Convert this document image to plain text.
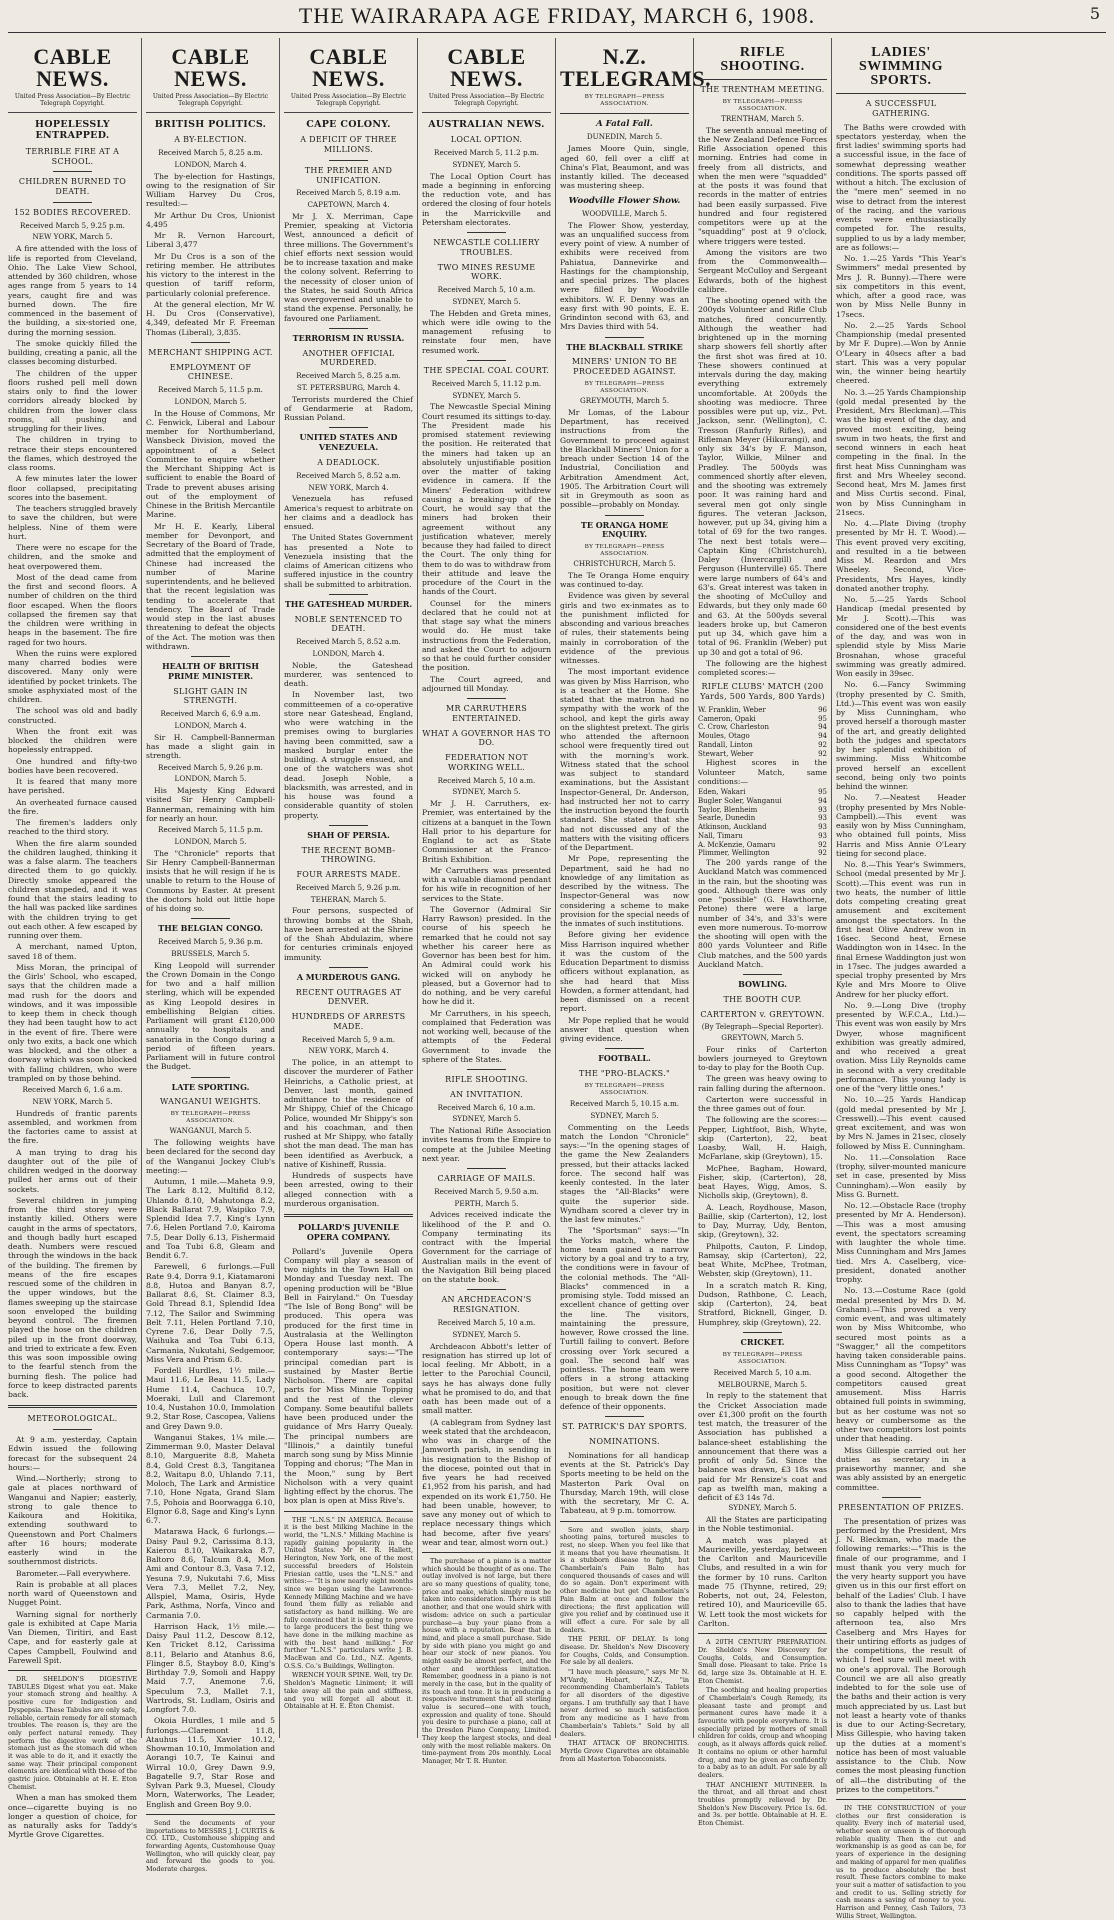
THE WAIRARAPA AGE FRIDAY, MARCH 6, 1908.	5
CABLE NEWS.
United Press Association—By Electric Telegraph Copyright.
HOPELESSLY ENTRAPPED.
TERRIBLE FIRE AT A SCHOOL.
CHILDREN BURNED TO DEATH.
152 BODIES RECOVERED.
Received March 5, 9.25 p.m.
NEW YORK, March 5.

A fire attended with the loss of life is reported from Cleveland, Ohio. The Lake View School, attended by 360 children, whose ages range from 5 years to 14 years, caught fire and was burned down. The fire commenced in the basement of the building, a six-storied one, during the morning session.

The smoke quickly filled the building, creating a panic, all the classes becoming disturbed.

The children of the upper floors rushed pell mell down stairs only to find the lower corridors already blocked by children from the lower class rooms, all pushing and struggling for their lives.

The children in trying to retrace their steps encountered the flames, which destroyed the class rooms.

A few minutes later the lower floor collapsed, precipitating scores into the basement.

The teachers struggled bravely to save the children, but were helpless. Nine of them were hurt.

There were no escape for the children, and the smoke and heat overpowered them.

Most of the dead came from the first and second floors. A number of children on the third floor escaped. When the floors collapsed the firemen say that the children were writhing in heaps in the basement. The fire raged for two hours.

When the ruins were explored many charred bodies were discovered. Many only were identified by pocket trinkets. The smoke asphyxiated most of the children.

The school was old and badly constructed.

When the front exit was blocked the children were hopelessly entrapped.

One hundred and fifty-two bodies have been recovered.

It is feared that many more have perished.

An overheated furnace caused the fire.

The firemen's ladders only reached to the third story.

When the fire alarm sounded the children laughed, thinking it was a false alarm. The teachers directed them to go quickly. Directly smoke appeared the children stampeded, and it was found that the stairs leading to the hall was packed like sardines with the children trying to get out each other. A few escaped by running over them.

A merchant, named Upton, saved 18 of them.

Miss Moran, the principal of the Girls' School, who escaped, says that the children made a mad rush for the doors and windows, and it was impossible to keep them in check though they had been taught how to act in the event of fire. There were only two exits, a back one which was blocked, and the other a doorway which was soon blocked with falling children, who were trampled on by those behind.

Received March 6, 1.6 a.m.
NEW YORK, March 5.

Hundreds of frantic parents assembled, and workmen from the factories came to assist at the fire.

A man trying to drag his daughter out of the pile of children wedged in the doorway pulled her arms out of their sockets.

Several children in jumping from the third storey were instantly killed. Others were caught in the arms of spectators, and though badly hurt escaped death. Numbers were rescued through the windows in the back of the building. The firemen by means of the fire escapes rescued some of the children in the upper windows, but the flames sweeping up the staircase soon enveloped the building beyond control. The firemen played the hose on the children piled up in the front doorway, and tried to extricate a few. Even this was soon impossible owing to the fearful stench from the burning flesh. The police had force to keep distracted parents back.

METEOROLOGICAL.

At 9 a.m. yesterday, Captain Edwin issued the following forecast for the subsequent 24 hours:—

Wind.—Northerly; strong to gale at places northward of Wanganui and Napier; easterly, strong to gale thence to Kaikoura and Hokitika, extending southward to Queenstown and Port Chalmers after 16 hours; moderate easterly wind in the southernmost districts.

Barometer.—Fall everywhere.

Rain is probable at all places north ward of Queenstown and Nugget Point.

Warning signal for northerly gale is exhibited at Cape Maria Van Diemen, Tiritiri, and East Cape, and for easterly gale at Capes Campbell, Foulwind and Farewell Spit.

DR. SHELDON'S DIGESTIVE TABULES Digest what you eat. Make your stomach strong and healthy. A positive cure for Indigestion and Dyspepsia. These Tabules are only safe, reliable, certain remedy for all stomach troubles. The reason is, they are the only perfect natural remedy. They perform the digestive work of the stomach just as the stomach did when it was able to do it, and it exactly the same way. Their principal component elements are identical with those of the gastric juice. Obtainable at H. E. Eton Chemist.

When a man has smoked them once—cigarette buying is no longer a question of choice, for as naturally asks for Taddy's Myrtle Grove Cigarettes.

CABLE NEWS.
United Press Association—By Electric Telegraph Copyright.
BRITISH POLITICS.
A BY-ELECTION.
Received March 5, 8.25 a.m.
LONDON, March 4.

The by-election for Hastings, owing to the resignation of Sir William Harvey Du Cros, resulted:—

Mr Arthur Du Cros, Unionist 4,495

Mr R. Vernon Harcourt, Liberal 3,477

Mr Du Cros is a son of the retiring member. He attributes his victory to the interest in the question of tariff reform, particularly colonial preference.

At the general election, Mr W. H. Du Cros (Conservative), 4,349, defeated Mr F. Freeman Thomas (Liberal), 3,835.

MERCHANT SHIPPING ACT.
EMPLOYMENT OF CHINESE.
Received March 5, 11.5 p.m.
LONDON, March 5.

In the House of Commons, Mr C. Fenwick, Liberal and Labour member for Northumberland, Wansbeck Division, moved the appointment of a Select Committee to enquire whether the Merchant Shipping Act is sufficient to enable the Board of Trade to prevent abuses arising out of the employment of Chinese in the British Mercantile Marine.

Mr H. E. Kearly, Liberal member for Devonport, and Secretary of the Board of Trade, admitted that the employment of Chinese had increased the number of Marine superintendents, and he believed that the recent legislation was tending to accelerate that tendency. The Board of Trade would step in the last abuses threatening to defeat the objects of the Act. The motion was then withdrawn.

HEALTH OF BRITISH PRIME MINISTER.
SLIGHT GAIN IN STRENGTH.
Received March 6, 6.9 a.m.
LONDON, March 4.

Sir H. Campbell-Bannerman has made a slight gain in strength.

Received March 5, 9.26 p.m.
LONDON, March 5.

His Majesty King Edward visited Sir Henry Campbell-Bannerman, remaining with him for nearly an hour.

Received March 5, 11.5 p.m.
LONDON, March 5.

The "Chronicle" reports that Sir Henry Campbell-Bannerman insists that he will resign if he is unable to return to the House of Commons by Easter. At present the doctors hold out little hope of his doing so.

THE BELGIAN CONGO.
Received March 5, 9.36 p.m.
BRUSSELS, March 5.

King Leopold will surrender the Crown Domain in the Congo for two and a half million sterling, which will be expended as King Leopold desires in embellishing Belgian cities. Parliament will grant £120,000 annually to hospitals and sanatoria in the Congo during a period of fifteen years. Parliament will in future control the Budget.

LATE SPORTING.
WANGANUI WEIGHTS.
BY TELEGRAPH—PRESS ASSOCIATION.
WANGANUI, March 5.

The following weights have been declared for the second day of the Wanganui Jockey Club's meeting:—

Autumn, 1 mile.—Maheta 9.9, The Lark 8.12, Multifid 8.12, Uhlando 8.10, Mahutonga 8.2, Black Ballarat 7.9, Waipiko 7.9, Splendid Idea 7.7, King's Lynn 7.6, Helen Portland 7.0, Kairoma 7.5, Dear Dolly 6.13, Fishermaid and Toa Tubi 6.8, Gleam and Bendit 6.7.

Farewell, 6 furlongs.—Full Rate 9.4, Dorra 9.1, Kiatamaroni 8.8, Hutoa and Banyan 8.7, Ballarat 8.6, St. Claimer 8.3, Gold Thread 8.1, Splendid Idea 7.12, The Sailor and Swimming Belt 7.11, Helen Portland 7.10, Cyrene 7.6, Dear Dolly 7.5, Waihuka and Toa Tubi 6.13, Carmania, Nukutahi, Sedgemoor, Miss Vera and Prism 6.8.

Fordell Hurdles, 1½ mile.—Maui 11.6, Le Beau 11.5, Lady Hume 11.4, Cachuca 10.7, Moeraki, Lull and Claremont 10.4, Nustahon 10.0, Immolation 9.2, Star Rose, Cascopea, Valiens and Grey Dawn 9.0.

Wanganui Stakes, 1¼ mile.—Zimmerman 9.0, Master Delaval 8.10, Marguerite 8.8, Maheta 8.4, Gold Crest 8.3, Tangitanea 8.2, Waitapu 8.0, Uhlando 7.11, Moloch, The Lark and Armistice 7.10, Hone Ngata, Grand Slam 7.5, Pohoia and Boorwagga 6.10, Elgnor 6.8, Sage and King's Lynn 6.7.

Matarawa Hack, 6 furlongs.—Daisy Paul 9.2, Carissima 8.13, Kaierou 8.10, Waikaraka 8.7, Baltoro 8.6, Talcum 8.4, Mon Ami and Contour 8.3, Vasa 7.12, Yesuna 7.9, Nukutahi 7.6, Miss Vera 7.3, Mellet 7.2, Ney, Allspiel, Mama, Osiris, Hyde Park, Asthma, Norfa, Vinco and Carmania 7.0.

Harrison Hack, 1½ mile.—Daisy Paul 11.2, Descow 8.12, Ken Tricket 8.12, Carissima 8.11, Belario and Atanhus 8.6, Flinger 8.5, Stayboy 8.0, King's Birthday 7.9, Somoli and Happy Maid 7.7, Anemone 7.6, Speculum 7.3, Mallet 7.1, Wartrods, St. Ludlam, Osiris and Longfort 7.0.

Okoia Hurdles, 1 mile and 5 furlongs.—Claremont 11.8, Atauhus 11.5, Xavier 10.12, Showman 10.10, Immolation and Aorangi 10.7, Te Kainui and Wirral 10.0, Grey Dawn 9.9, Bagatelle 9.7, Star Rose and Sylvan Park 9.3, Muesel, Cloudy Morn, Waterworks, The Leader, English and Green Boy 9.0.

Send the documents of your importations to MESSRS J. J. CURTIS & CO. LTD., Customhouse shipping and forwarding Agents, Customhouse Quay Wellington, who will quickly clear, pay and forward the goods to you. Moderate charges.

CABLE NEWS.
United Press Association—By Electric Telegraph Copyright.
CAPE COLONY.
A DEFICIT OF THREE MILLIONS.
THE PREMIER AND UNIFICATION.
Received March 5, 8.19 a.m.
CAPETOWN, March 4.

Mr J. X. Merriman, Cape Premier, speaking at Victoria West, announced a deficit of three millions. The Government's chief efforts next session would be to increase taxation and make the colony solvent. Referring to the necessity of closer union of the States, he said South Africa was overgoverned and unable to stand the expense. Personally, he favoured one Parliament.

TERRORISM IN RUSSIA.
ANOTHER OFFICIAL MURDERED.
Received March 5, 8.25 a.m.
ST. PETERSBURG, March 4.

Terrorists murdered the Chief of Gendarmerie at Radom, Russian Poland.

UNITED STATES AND VENEZUELA.
A DEADLOCK.
Received March 5, 8.52 a.m.
NEW YORK, March 4.

Venezuela has refused America's request to arbitrate on her claims and a deadlock has ensued.

The United States Government has presented a Note to Venezuela insisting that the claims of American citizens who suffered injustice in the country shall be submitted to arbitration.

THE GATESHEAD MURDER.
NOBLE SENTENCED TO DEATH.
Received March 5, 8.52 a.m.
LONDON, March 4.

Noble, the Gateshead murderer, was sentenced to death.

In November last, two committeemen of a co-operative store near Gateshead, England, who were watching in the premises owing to burglaries having been committed, saw a masked burglar enter the building. A struggle ensued, and one of the watchers was shot dead. Joseph Noble, a blacksmith, was arrested, and in his house was found a considerable quantity of stolen property.

SHAH OF PERSIA.
THE RECENT BOMB-THROWING.
FOUR ARRESTS MADE.
Received March 5, 9.26 p.m.
TEHERAN, March 5.

Four persons, suspected of throwing bombs at the Shah, have been arrested at the Shrine of the Shah Abdulazim, where for centuries criminals enjoyed immunity.

A MURDEROUS GANG.
RECENT OUTRAGES AT DENVER.
HUNDREDS OF ARRESTS MADE.
Received March 5, 9 a.m.
NEW YORK, March 4.

The police, in an attempt to discover the murderer of Father Heinrichs, a Catholic priest, at Denver, last month, gained admittance to the residence of Mr Shippy, Chief of the Chicago Police, wounded Mr Shippy's son and his coachman, and then rushed at Mr Shippy, who fatally shot the man dead. The man has been identified as Averbuck, a native of Kishineff, Russia.

Hundreds of suspects have been arrested, owing to their alleged connection with a murderous organisation.

POLLARD'S JUVENILE OPERA COMPANY.

Pollard's Juvenile Opera Company will play a season of two nights in the Town Hall on Monday and Tuesday next. The opening production will be "Blue Bell in Fairyland." On Tuesday "The Isle of Bong Bong" will be produced. This opera was produced for the first time in Australasia at the Wellington Opera House last month. A contemporary says:—"The principal comedian part is sustained by Master Bertie Nicholson. There are capital parts for Miss Minnie Topping and the rest of the clever Company. Some beautiful ballets have been produced under the guidance of Mrs Harry Quealy. The principal numbers are "Illinois," a daintily tuneful march song sung by Miss Minnie Topping and chorus; "The Man in the Moon," sung by Bert Nicholson with a very quaint lighting effect by the chorus. The box plan is open at Miss Rive's.

THE "L.N.S." IN AMERICA. Because it is the best Milking Machine in the world, the "L.N.S." Milking Machine is rapidly gaining popularity in the United States. Mr H. R. Hallett, Herington, New York, one of the most successful breeders of Holstein Friesian cattle, uses the "L.N.S." and writes:— "It is now nearly eight months since we began using the Lawrence-Kennedy Milking Machine and we have found them fully as reliable and satisfactory as hand milking. We are fully convinced that it is going to prove to large producers the best thing we have done in the milking machine as with the best hand milking." For further "L.N.S." particulars write J. B. MacEwan and Co. Ltd., N.Z. Agents, O.S.S. Co.'s Buildings, Wellington.

WRENCH YOUR SPINE. Well, try Dr. Sheldon's Magnetic Liniment; it will take away all the pain and stiffness, and you will forget all about it. Obtainable at H. E. Eton Chemist.

CABLE NEWS.
United Press Association—By Electric Telegraph Copyright.
AUSTRALIAN NEWS.
LOCAL OPTION.
Received March 5, 11.2 p.m.
SYDNEY, March 5.

The Local Option Court has made a beginning in enforcing the reduction vote, and has ordered the closing of four hotels in the Marrickville and Petersham electorates.

NEWCASTLE COLLIERY TROUBLES.
TWO MINES RESUME WORK.
Received March 5, 10 a.m.
SYDNEY, March 5.

The Hebden and Greta mines, which were idle owing to the management refusing to reinstate four men, have resumed work.

THE SPECIAL COAL COURT.
Received March 5, 11.12 p.m.
SYDNEY, March 5.

The Newcastle Special Mining Court resumed its sittings to-day. The President made his promised statement reviewing the position. He reiterated that the miners had taken up an absolutely unjustifiable position over the matter of taking evidence in camera. If the Miners' Federation withdrew causing a breaking-up of the Court, he would say that the miners had broken their agreement without any justification whatever, merely because they had failed to direct the Court. The only thing for them to do was to withdraw from their attitude and leave the procedure of the Court in the hands of the Court.

Counsel for the miners declared that he could not at that stage say what the miners would do. He must take instructions from the Federation, and asked the Court to adjourn so that he could further consider the position.

The Court agreed, and adjourned till Monday.

MR CARRUTHERS ENTERTAINED.
WHAT A GOVERNOR HAS TO DO.
FEDERATION NOT WORKING WELL.
Received March 5, 10 a.m.
SYDNEY, March 5.

Mr J. H. Carruthers, ex-Premier, was entertained by the citizens at a banquet in the Town Hall prior to his departure for England to act as State Commissioner at the Franco-British Exhibition.

Mr Carruthers was presented with a valuable diamond pendant for his wife in recognition of her services to the State.

The Governor (Admiral Sir Harry Rawson) presided. In the course of his speech he remarked that he could not say whether his career here as Governor has been best for him. An Admiral could work his wicked will on anybody he pleased, but a Governor had to do nothing, and be very careful how he did it.

Mr Carruthers, in his speech, complained that Federation was not working well, because of the attempts of the Federal Government to invade the sphere of the States.

RIFLE SHOOTING.
AN INVITATION.
Received March 6, 10 a.m.
SYDNEY, March 5.

The National Rifle Association invites teams from the Empire to compete at the Jubilee Meeting next year.

CARRIAGE OF MAILS.
Received March 5, 9.50 a.m.
PERTH, March 5.

Advices received indicate the likelihood of the P. and O. Company terminating its contract with the Imperial Government for the carriage of Australian mails in the event of the Navigation Bill being placed on the statute book.

AN ARCHDEACON'S RESIGNATION.
Received March 5, 10 a.m.
SYDNEY, March 5.

Archdeacon Abbott's letter of resignation has stirred up lot of local feeling. Mr Abbott, in a letter to the Parochial Council, says he has always done fully what he promised to do, and that oath has been made out of a small matter.

(A cablegram from Sydney last week stated that the archdeacon, who was in charge of the Jamworth parish, in sending in his resignation to the Bishop of the diocese, pointed out that in five years he had received £1,952 from his parish, and had expended on its work £1,750. He had been unable, however, to save any money out of which to replace necessary things which had become, after five years' wear and tear, almost worn out.)

The purchase of a piano is a matter which should be thought of as one. The outlay involved is not large, but there are so many questions of quality, tone, price and make, which simply must be taken into consideration. There is still another, and that one would shirk with wisdom: advice on such a particular purchase—a buy your piano from a house with a reputation. Bear that in mind, and place a small purchase. Side by side with piano you might go and hear our stock of new pianos. You might easily be almost perfect, and the other and worthless imitation. Remember, goodness in a piano is not merely in the case, but in the quality of its touch and tone. It is in producing a responsive instrument that all sterling value is secured—one with touch, expression and quality of tone. Should you desire to purchase a piano, call at the Dresden Piano Company, Limited. They keep the largest stocks, and deal only with the most reliable makers. On time-payment from 20s monthly. Local Manager, Mr T. R. Hunter.

N.Z. TELEGRAMS.
BY TELEGRAPH—PRESS ASSOCIATION.
A Fatal Fall.
DUNEDIN, March 5.

James Moore Quin, single, aged 60, fell over a cliff at China's Flat, Beaumont, and was instantly killed. The deceased was mustering sheep.

Woodville Flower Show.
WOODVILLE, March 5.

The Flower Show, yesterday, was an unqualified success from every point of view. A number of exhibits were received from Pahiatua, Dannevirke and Hastings for the championship, and special prizes. The places were filled by Woodville exhibitors. W. F. Denny was an easy first with 90 points, E. E. Grindinton second with 63, and Mrs Davies third with 54.

THE BLACKBALL STRIKE
MINERS' UNION TO BE PROCEEDED AGAINST.
BY TELEGRAPH—PRESS ASSOCIATION.
GREYMOUTH, March 5.

Mr Lomas, of the Labour Department, has received instructions from the Government to proceed against the Blackball Miners' Union for a breach under Section 14 of the Industrial, Conciliation and Arbitration Amendment Act, 1905. The Arbitration Court will sit in Greymouth as soon as possible—probably on Monday.

TE ORANGA HOME ENQUIRY.
BY TELEGRAPH—PRESS ASSOCIATION.
CHRISTCHURCH, March 5.

The Te Oranga Home enquiry was continued to-day.

Evidence was given by several girls and two ex-inmates as to the punishment inflicted for absconding and various breaches of rules, their statements being mainly in corroboration of the evidence of the previous witnesses.

The most important evidence was given by Miss Harrison, who is a teacher at the Home. She stated that the matron had no sympathy with the work of the school, and kept the girls away on the slightest pretext. The girls who attended the afternoon school were frequently tired out with the morning's work. Witness stated that the school was subject to standard examinations, but the Assistant Inspector-General, Dr. Anderson, had instructed her not to carry the instruction beyond the fourth standard. She stated that she had not discussed any of the matters with the visiting officers of the Department.

Mr Pope, representing the Department, said he had no knowledge of any limitation as described by the witness. The Inspector-General was now considering a scheme to make provision for the special needs of the inmates of such institutions.

Before giving her evidence Miss Harrison inquired whether it was the custom of the Education Department to dismiss officers without explanation, as she had heard that Miss Howden, a former attendant, had been dismissed on a recent report.

Mr Pope replied that he would answer that question when giving evidence.

FOOTBALL.
THE "PRO-BLACKS."
BY TELEGRAPH—PRESS ASSOCIATION.
Received March 5, 10.15 a.m.
SYDNEY, March 5.

Commenting on the Leeds match the London "Chronicle" says:—"In the opening stages of the game the New Zealanders pressed, but their attacks lacked force. The second half was keenly contested. In the later stages the "All-Blacks" were quite the superior side. Wyndham scored a clever try in the last few minutes."

The "Sportsman" says:—"In the Yorks match, where the home team gained a narrow victory by a goal and try to a try, the conditions were in favour of the colonial methods. The "All-Blacks" commenced in a promising style. Todd missed an excellent chance of getting over the line. The visitors, maintaining the pressure, however, Rowe crossed the line. Turtill failing to convert. Before crossing over York secured a goal. The second half was pointless. The home team were offers in a strong attacking position, but were not clever enough to break down the fine defence of their opponents.

ST. PATRICK'S DAY SPORTS.
NOMINATIONS.

Nominations for all handicap events at the St. Patrick's Day Sports meeting to be held on the Masterton Park Oval on Thursday, March 19th, will close with the secretary, Mr C. A. Tabateau, at 9 p.m. tomorrow.

Sore and swollen joints, sharp shooting pains, tortured muscles to rest, no sleep. When you feel like that it means that you have rheumatism. It is a stubborn disease to fight, but Chamberlain's Pain Balm has conquered thousands of cases and will do so again. Don't experiment with other medicine but get Chamberlain's Pain Balm at once and follow the directions; the first application will give you relief and by continued use it will effect a cure. For sale by all dealers.

THE PERIL OF DELAY. Is long disease. Dr. Sheldon's New Discovery for Coughs, Colds, and Consumption. For sale by all dealers.

"I have much pleasure," says Mr N. M'Vardy, Hobart, N.Z., "in recommending Chamberlain's Tablets for all disorders of the digestive organs. I am truthfully say that I have never derived so much satisfaction from any medicine as I have from Chamberlain's Tablets." Sold by all dealers.

THAT ATTACK OF BRONCHITIS. Myrtle Grove Cigarettes are obtainable from all Masterton Tobacconists.

RIFLE SHOOTING.
THE TRENTHAM MEETING.
BY TELEGRAPH—PRESS ASSOCIATION.
TRENTHAM, March 5.

The seventh annual meeting of the New Zealand Defence Forces Rifle Association opened this morning. Entries had come in freely from all districts, and when the men were "squadded" at the posts it was found that records in the matter of entries had been easily surpassed. Five hundred and four registered competitors were up at the "squadding" post at 9 o'clock, where triggers were tested.

Among the visitors are two from the Commonwealth—Sergeant McCulloy and Sergeant Edwards, both of the highest calibre.

The shooting opened with the 200yds Volunteer and Rifle Club matches, fired concurrently. Although the weather had brightened up in the morning sharp showers fell shortly after the first shot was fired at 10. These showers continued at intervals during the day, making everything extremely uncomfortable. At 200yds the shooting was mediocre. Three possibles were put up, viz., Pvt. Jackson, senr. (Wellington), C. Tresson (Ranfurly Rifles), and Rifleman Meyer (Hikurangi), and only six 34's by F. Manson, Taylor, Wilkie, Milner and Pradley. The 500yds was commenced shortly after eleven, and the shooting was extremely poor. It was raining hard and several men got only single figures. The veteran Jackson, however, put up 34, giving him a total of 69 for the two ranges. The next best totals were—Captain King (Christchurch), Daley (Invercargill) and Ferguson (Hunterville) 65. There were large numbers of 64's and 63's. Great interest was taken in the shooting of McCulloy and Edwards, but they only made 60 and 63. At the 500yds several leaders broke up, but Cameron put up 34, which gave him a total of 96. Franklin (Weber) put up 30 and got a total of 96.

The following are the highest completed scores:—

RIFLE CLUBS' MATCH (200 Yards, 500 Yards, 800 Yards)
W. Franklin, Weber	96
Cameron, Opaki	95
C. Crow, Charleston	94
Moules, Otago	94
Randall, Linton	92
Stewart, Weber	92

Highest scores in the Volunteer Match, same conditions:—

Eden, Wakari	95
Bugler Soler, Wanganui	94
Taylor, Blenheim	93
Searle, Dunedin	93
Atkinson, Auckland	93
Nall, Timaru	93
A. McKenzie, Oamaru	92
Plimmer, Wellington	92

The 200 yards range of the Auckland Match was commenced in the rain, but the shooting was good. Although there was only one "possible" (G. Hawthorne, Petone) there were a large number of 34's, and 33's were even more numerous. To-morrow the shooting will open with the 800 yards Volunteer and Rifle Club matches, and the 500 yards Auckland Match.

BOWLING.
THE BOOTH CUP.
CARTERTON v. GREYTOWN.
(By Telegraph—Special Reporter).
GREYTOWN, March 5.

Four rinks of Carterton bowlers journeyed to Greytown to-day to play for the Booth Cup.

The green was heavy owing to rain falling during the afternoon.

Carterton were successful in the three games out of four.

The following are the scores:—Pepper, Lightfoot, Bish, Whyte, skip (Carterton), 22, beat Loasby, Wall, H. Haigh, McFarlane, skip (Greytown), 15.

McPhee, Bagham, Howard, Fisher, skip, (Carterton), 28, beat Hayes, Wigg, Amos, S. Nicholls skip, (Greytown), 8.

A. Leach, Roydhouse, Mason, Baillie, skip (Carterton), 12, lost to Day, Murray, Udy, Benton, skip, (Greytown), 32.

Philpotts, Cauton, F. Lindop, Ramsay, skip (Carterton), 22, beat White, McPhee, Trotman, Webster, skip (Greytown), 11.

In a scratch match R. King, Dudson, Rathbone, C. Leach, skip (Carterton), 24, beat Stratford, Bicknell, Ginger, D. Humphrey, skip (Greytown), 22.

CRICKET.
BY TELEGRAPH—PRESS ASSOCIATION.
Received March 5, 10 a.m.
MELBOURNE, March 5.

In reply to the statement that the Cricket Association made over £1,300 profit on the fourth test match, the treasurer of the Association has published a balance-sheet establishing the announcement that there was a profit of only 5d. Since the balance was drawn, £3 18s was paid for Mr Rensize's coat and cap as twelfth man, making a deficit of £3 14s 7d.

SYDNEY, March 5.

All the States are participating in the Noble testimonial.

A match was played at Mauriceville, yesterday, between the Carlton and Mauriceville Clubs, and resulted in a win for the former by 10 runs. Carlton made 75 (Thynne, retired, 29; Roberts, not out, 24, Feleston, retired 10), and Mauriceville 65. W. Lett took the most wickets for Carlton.

A 20TH CENTURY PREPARATION. Dr. Sheldon's New Discovery for Coughs, Colds, and Consumption. Small dose. Pleasant to take. Price 1s 6d, large size 3s. Obtainable at H. E. Eton Chemist.

The soothing and healing properties of Chamberlain's Cough Remedy, its pleasant taste and prompt and permanent cures have made it a favourite with people everywhere. It is especially prized by mothers of small children for colds, croup and whooping cough, as it always affords quick relief. It contains no opium or other harmful drug, and may be given as confidently to a baby as to an adult. For sale by all dealers.

THAT ANCHIENT MUTINEER. In the throat, and all throat and chest troubles promptly relieved by Dr. Sheldon's New Discovery. Price 1s. 6d. and 3s. per bottle. Obtainable at H. E. Eton Chemist.

LADIES' SWIMMING SPORTS.
A SUCCESSFUL GATHERING.

The Baths were crowded with spectators yesterday, when the first ladies' swimming sports had a successful issue, in the face of somewhat depressing weather conditions. The sports passed off without a hitch. The exclusion of the "mere men" seemed in no wise to detract from the interest of the racing, and the various events were enthusiastically competed for. The results, supplied to us by a lady member, are as follows:—

No. 1.—25 Yards "This Year's Swimmers" medal presented by Mrs J. R. Bunny).—There were six competitors in this event, which, after a good race, was won by Miss Nelle Bunny in 17secs.

No. 2.—25 Yards School Championship (medal presented by Mr F. Dupre).—Won by Annie O'Leary in 40secs after a bad start. This was a very popular win, the winner being heartily cheered.

No. 3.—25 Yards Championship (gold medal presented by the President, Mrs Bleckman).—This was the big event of the day, and proved most exciting, being swum in two heats, the first and second winners in each heat competing in the final. In the first heat Miss Cunningham was first and Mrs Wheeley second. Second heat, Mrs M. James first and Miss Curtis second. Final, won by Miss Cunningham in 21secs.

No. 4.—Plate Diving (trophy presented by Mr H. T. Wood).—This event proved very exciting, and resulted in a tie between Miss M. Reardon and Mrs Wheeley. Second, Vice-Presidents, Mrs Hayes, kindly donated another trophy.

No. 5.—25 Yards School Handicap (medal presented by Mr J. Scott).—This was considered one of the best events of the day, and was won in splendid style by Miss Marie Brosnahan, whose graceful swimming was greatly admired. Won easily in 39sec.

No. 6.—Fancy Swimming (trophy presented by C. Smith, Ltd.)—This event was won easily by Miss Cunningham, who proved herself a thorough master of the art, and greatly delighted both the judges and spectators by her splendid exhibition of swimming. Miss Whitcombe proved herself an excellent second, being only two points behind the winner.

No. 7.—Neatest Header (trophy presented by Mrs Noble-Campbell).—This event was easily won by Miss Cunningham, who obtained full points, Miss Harris and Miss Annie O'Leary tieing for second place.

No. 8.—This Year's Swimmers, School (medal presented by Mr J. Scott).—This event was run in two heats, the number of little dots competing creating great amusement and excitement amongst the spectators. In the first heat Olive Andrew won in 16sec. Second heat, Ernese Waddington won in 14sec. In the final Ernese Waddington just won in 17sec. The judges awarded a special trophy presented by Mrs Kyle and Mrs Moore to Olive Andrew for her plucky effort.

No. 9.—Long Dive (trophy presented by W.F.C.A., Ltd.)—This event was won easily by Mrs Dwyer, whose magnificent exhibition was greatly admired, and who received a great ovation. Miss Lily Reynolds came in second with a very creditable performance. This young lady is one of the "very little ones."

No. 10.—25 Yards Handicap (gold medal presented by Mr J. Cresswell).—This event caused great excitement, and was won by Mrs N. James in 21sec, closely followed by Miss E. Cunningham.

No. 11.—Consolation Race (trophy, silver-mounted manicure set in case, presented by Miss Cunningham).—Won easily by Miss G. Burnett.

No. 12.—Obstacle Race (trophy presented by Mr A. Henderson).—This was a most amusing event, the spectators screaming with laughter the whole time. Miss Cunningham and Mrs James tied. Mrs A. Caselberg, vice-president, donated another trophy.

No. 13.—Costume Race (gold medal presented by Mrs D. M. Graham).—This proved a very comic event, and was ultimately won by Miss Whitcombe, who secured most points as a "Swagger," all the competitors having taken considerable pains. Miss Cunningham as "Topsy" was a good second. Altogether the competitors caused great amusement. Miss Harris obtained full points in swimming, but as her costume was not so heavy or cumbersome as the other two competitors lost points under that heading.

Miss Gillespie carried out her duties as secretary in a praiseworthy manner, and she was ably assisted by an energetic committee.

PRESENTATION OF PRIZES.

The presentation of prizes was performed by the President, Mrs J. N. Bleckman, who made the following remarks:—"This is the finale of our programme, and I must thank you very much for the very hearty support you have given us in this our first effort on behalf of the Ladies' Club. I have also to thank the ladies that have so capably helped with the afternoon tea, also Mrs Caselberg and Mrs Hayes for their untiring efforts as judges of the competitions, the result of which I feel sure will meet with no one's approval. The Borough Council we are all also greatly indebted to for the sole use of the baths and their action is very much appreciated by us. Last but not least a hearty vote of thanks is due to our Acting-Secretary, Miss Gillespie, who having taken up the duties at a moment's notice has been of most valuable assistance to the Club. Now comes the most pleasing function of all—the distributing of the prizes to the competitors."

IN THE CONSTRUCTION of your clothes our first consideration is quality. Every inch of material used, whether seen or unseen is of thorough reliable quality. Then the cut and workmanship is as good as can be, for years of experience in the designing and making of apparel for men qualifies us to produce absolutely the best result. These factors combine to make your suit a matter of satisfaction to you and credit to us. Selling strictly for cash means a saving of money to you. Harrison and Penney, Cash Tailors, 73 Willis Street, Wellington.
